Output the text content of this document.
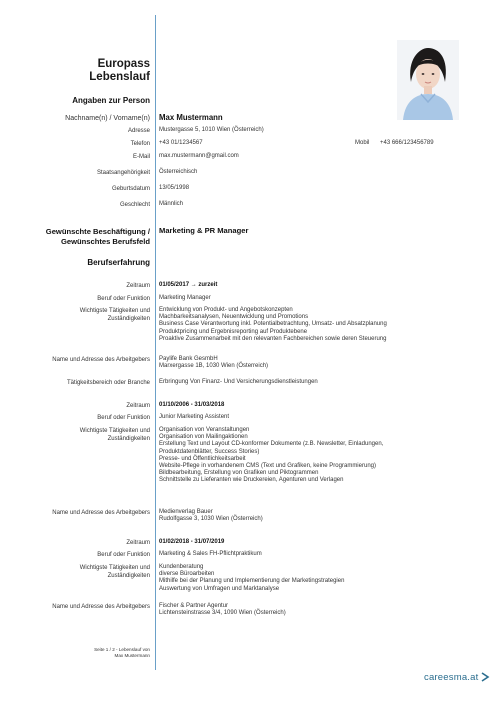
Europass
Lebenslauf
Angaben zur Person
Nachname(n) / Vorname(n) Max Mustermann
Adresse Mustergasse 5, 1010 Wien (Österreich)
Telefon +43 01/1234567	Mobil +43 666/123456789
E-Mail max.mustermann@gmail.com
Staatsangehörigkeit Österreichisch
Geburtsdatum 13/05/1998
Geschlecht Männlich
Gewünschte Beschäftigung /
Gewünschtes Berufsfeld
Marketing & PR Manager
Berufserfahrung
Zeitraum 01/05/2017 → zurzeit
Beruf oder Funktion Marketing Manager
Wichtigste Tätigkeiten und
Zuständigkeiten
Entwicklung von Produkt- und Angebotskonzepten
Machbarkeitsanalysen, Neuentwicklung und Promotions
Business Case Verantwortung inkl. Potentialbetrachtung, Umsatz- und Absatzplanung
Produktpricing und Ergebnisreporting auf Produktebene
Proaktive Zusammenarbeit mit den relevanten Fachbereichen sowie deren Steuerung
Name und Adresse des Arbeitgebers Paylife Bank GesmbH
Marxergasse 1B, 1030 Wien (Österreich)
Tätigkeitsbereich oder Branche Erbringung Von Finanz- Und Versicherungsdienstleistungen
Zeitraum 01/10/2006 - 31/03/2018
Beruf oder Funktion Junior Marketing Assistent
Wichtigste Tätigkeiten und
Zuständigkeiten
Organisation von Veranstaltungen
Organisation von Mailingaktionen
Erstellung Text und Layout CD-konformer Dokumente (z.B. Newsletter, Einladungen,
Produktdatenblätter, Success Stories)
Presse- und Öffentlichkeitsarbeit
Website-Pflege in vorhandenem CMS (Text und Grafiken, keine Programmierung)
Bildbearbeitung, Erstellung von Grafiken und Piktogrammen
Schnittstelle zu Lieferanten wie Druckereien, Agenturen und Verlagen
Name und Adresse des Arbeitgebers Medienverlag Bauer
Rudolfgasse 3, 1030 Wien (Österreich)
Zeitraum 01/02/2018 - 31/07/2019
Beruf oder Funktion Marketing & Sales FH-Pflichtpraktikum
Wichtigste Tätigkeiten und
Zuständigkeiten
Kundenberatung
diverse Büroarbeiten
Mithilfe bei der Planung und Implementierung der Marketingstrategien
Auswertung von Umfragen und Marktanalyse
Name und Adresse des Arbeitgebers Fischer & Partner Agentur
Lichtensteinstrasse 3/4, 1090 Wien (Österreich)
Seite 1 / 2 - Lebenslauf von
Max Mustermann
careesma.at
